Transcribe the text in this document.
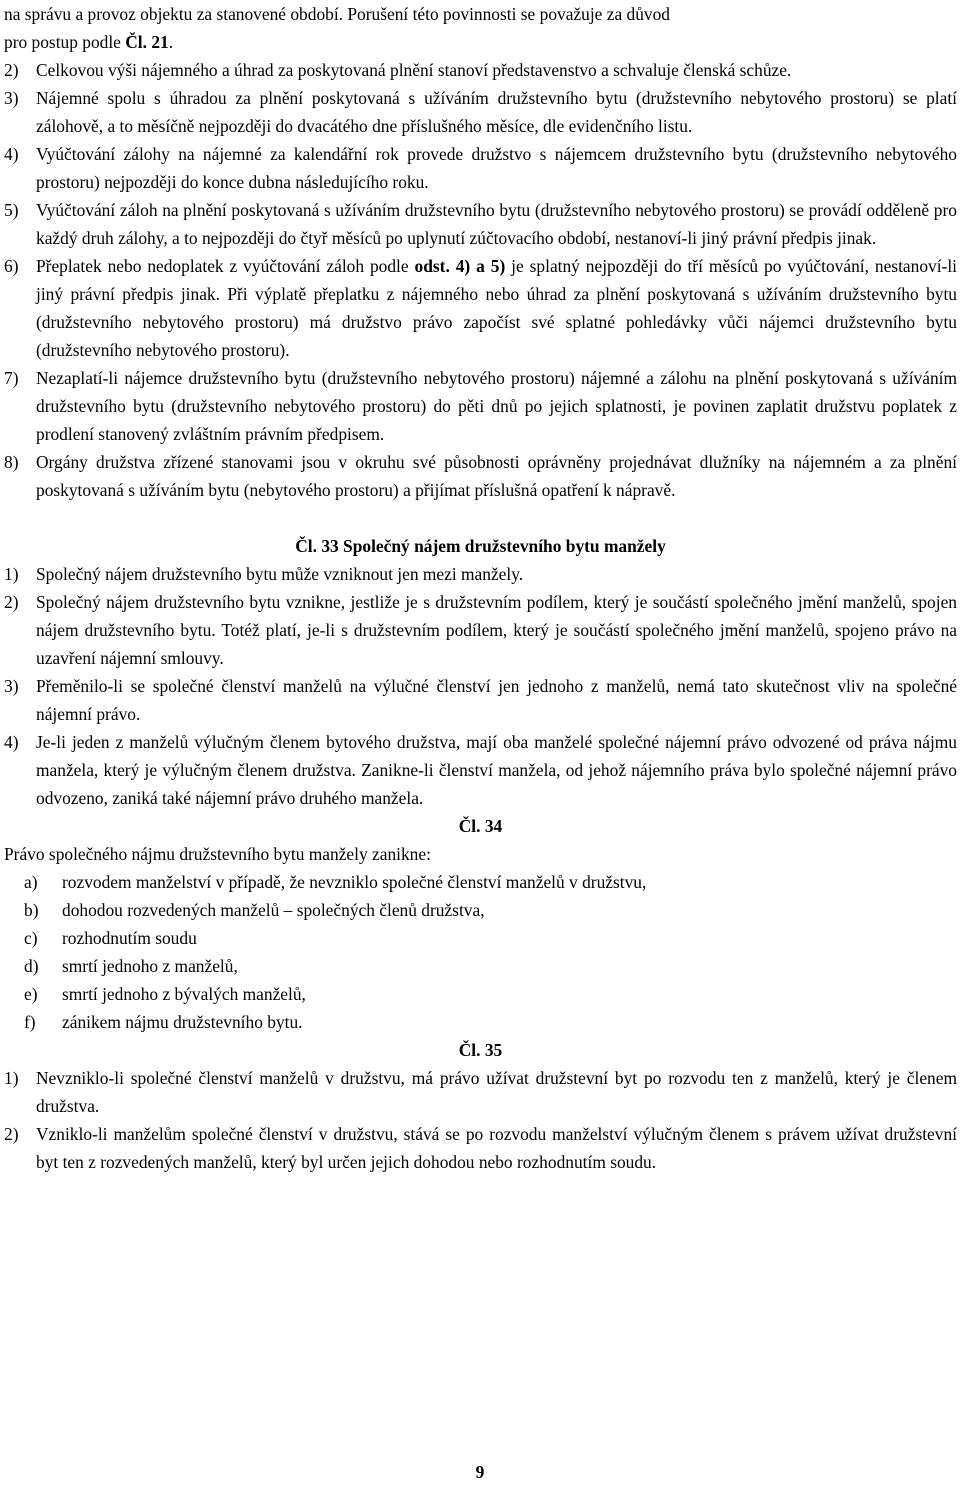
na správu a provoz objektu za stanovené období. Porušení této povinnosti se považuje za důvod
pro postup podle Čl. 21.
2)	Celkovou výši nájemného a úhrad za poskytovaná plnění stanoví představenstvo a schvaluje členská schůze.
3)	Nájemné spolu s úhradou za plnění poskytovaná s užíváním družstevního bytu (družstevního nebytového prostoru) se platí zálohově, a to měsíčně nejpozději do dvacátého dne příslušného měsíce, dle evidenčního listu.
4)	Vyúčtování zálohy na nájemné za kalendářní rok provede družstvo s nájemcem družstevního bytu (družstevního nebytového prostoru) nejpozději do konce dubna následujícího roku.
5)	Vyúčtování záloh na plnění poskytovaná s užíváním družstevního bytu (družstevního nebytového prostoru) se provádí odděleně pro každý druh zálohy, a to nejpozději do čtyř měsíců po uplynutí zúčtovacího období, nestanoví-li jiný právní předpis jinak.
6)	Přeplatek nebo nedoplatek z vyúčtování záloh podle odst. 4) a 5) je splatný nejpozději do tří měsíců po vyúčtování, nestanoví-li jiný právní předpis jinak. Při výplatě přeplatku z nájemného nebo úhrad za plnění poskytovaná s užíváním družstevního bytu (družstevního nebytového prostoru) má družstvo právo započíst své splatné pohledávky vůči nájemci družstevního bytu (družstevního nebytového prostoru).
7)	Nezaplatí-li nájemce družstevního bytu (družstevního nebytového prostoru) nájemné a zálohu na plnění poskytovaná s užíváním družstevního bytu (družstevního nebytového prostoru) do pěti dnů po jejich splatnosti, je povinen zaplatit družstvu poplatek z prodlení stanovený zvláštním právním předpisem.
8)	Orgány družstva zřízené stanovami jsou v okruhu své působnosti oprávněny projednávat dlužníky na nájemném a za plnění poskytovaná s užíváním bytu (nebytového prostoru) a přijímat příslušná opatření k nápravě.
Čl. 33 Společný nájem družstevního bytu manžely
1)	Společný nájem družstevního bytu může vzniknout jen mezi manžely.
2)	Společný nájem družstevního bytu vznikne, jestliže je s družstevním podílem, který je součástí společného jmění manželů, spojen nájem družstevního bytu. Totéž platí, je-li s družstevním podílem, který je součástí společného jmění manželů, spojeno právo na uzavření nájemní smlouvy.
3)	Přeměnilo-li se společné členství manželů na výlučné členství jen jednoho z manželů, nemá tato skutečnost vliv na společné nájemní právo.
4)	Je-li jeden z manželů výlučným členem bytového družstva, mají oba manželé společné nájemní právo odvozené od práva nájmu manžela, který je výlučným členem družstva. Zanikne-li členství manžela, od jehož nájemního práva bylo společné nájemní právo odvozeno, zaniká také nájemní právo druhého manžela.
Čl. 34
Právo společného nájmu družstevního bytu manžely zanikne:
a)	rozvodem manželství v případě, že nevzniklo společné členství manželů v družstvu,
b)	dohodou rozvedených manželů – společných členů družstva,
c)	rozhodnutím soudu
d)	smrtí jednoho z manželů,
e)	smrtí jednoho z bývalých manželů,
f)	zánikem nájmu družstevního bytu.
Čl. 35
1)	Nevzniklo-li společné členství manželů v družstvu, má právo užívat družstevní byt po rozvodu ten z manželů, který je členem družstva.
2)	Vzniklo-li manželům společné členství v družstvu, stává se po rozvodu manželství výlučným členem s právem užívat družstevní byt ten z rozvedených manželů, který byl určen jejich dohodou nebo rozhodnutím soudu.
9
